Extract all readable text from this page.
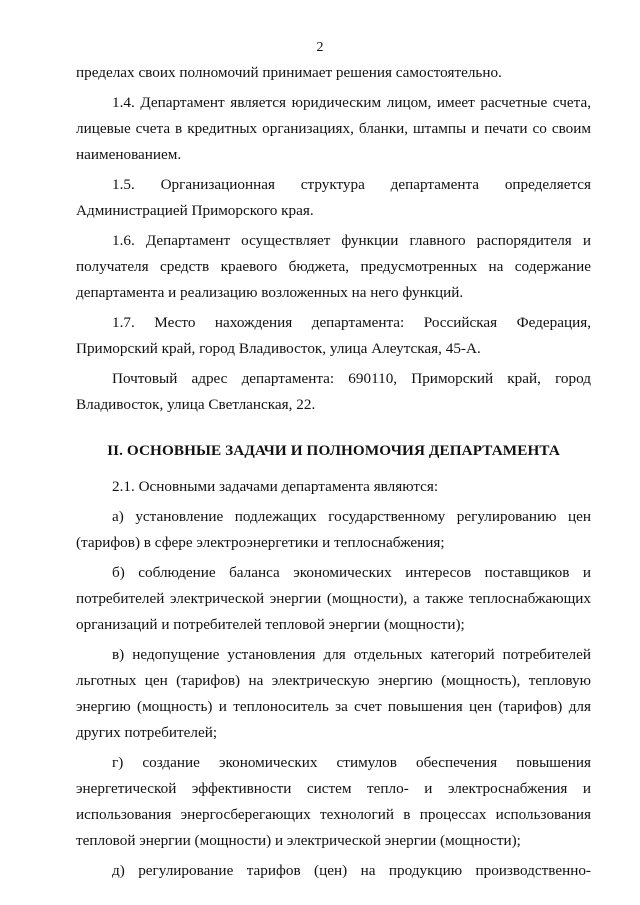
2

пределах своих полномочий принимает решения самостоятельно.

1.4. Департамент является юридическим лицом, имеет расчетные счета, лицевые счета в кредитных организациях, бланки, штампы и печати со своим наименованием.

1.5. Организационная структура департамента определяется Администрацией Приморского края.

1.6. Департамент осуществляет функции главного распорядителя и получателя средств краевого бюджета, предусмотренных на содержание департамента и реализацию возложенных на него функций.

1.7. Место нахождения департамента: Российская Федерация, Приморский край, город Владивосток, улица Алеутская, 45-А.

Почтовый адрес департамента: 690110, Приморский край, город Владивосток, улица Светланская, 22.

II. ОСНОВНЫЕ ЗАДАЧИ И ПОЛНОМОЧИЯ ДЕПАРТАМЕНТА

2.1. Основными задачами департамента являются:

а) установление подлежащих государственному регулированию цен (тарифов) в сфере электроэнергетики и теплоснабжения;

б) соблюдение баланса экономических интересов поставщиков и потребителей электрической энергии (мощности), а также теплоснабжающих организаций и потребителей тепловой энергии (мощности);

в) недопущение установления для отдельных категорий потребителей льготных цен (тарифов) на электрическую энергию (мощность), тепловую энергию (мощность) и теплоноситель за счет повышения цен (тарифов) для других потребителей;

г) создание экономических стимулов обеспечения повышения энергетической эффективности систем тепло- и электроснабжения и использования энергосберегающих технологий в процессах использования тепловой энергии (мощности) и электрической энергии (мощности);

д) регулирование тарифов (цен) на продукцию производственно-
